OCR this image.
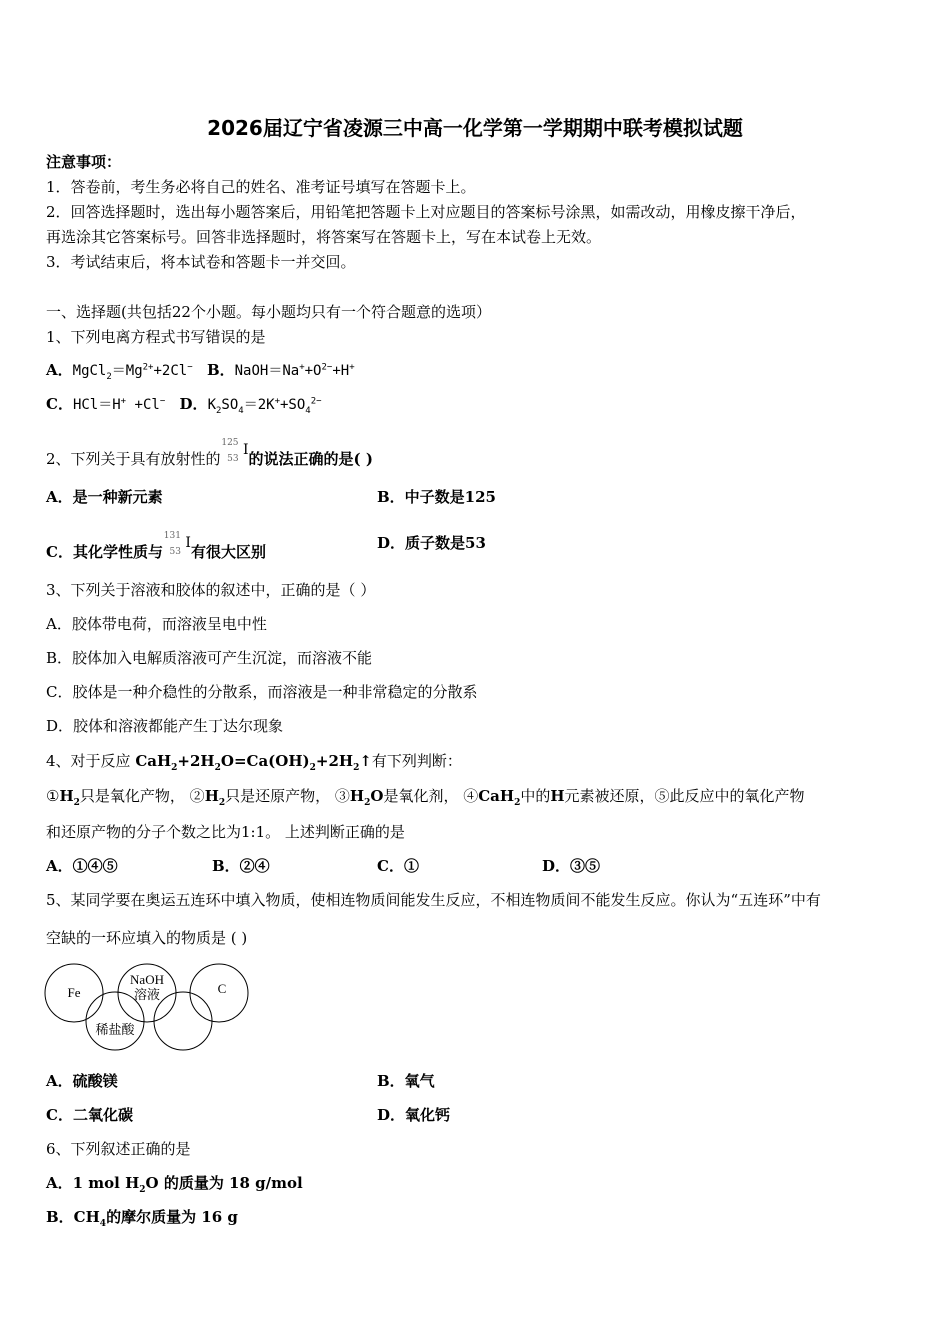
2026届辽宁省凌源三中高一化学第一学期期中联考模拟试题
注意事项：
1．答卷前，考生务必将自己的姓名、准考证号填写在答题卡上。
2．回答选择题时，选出每小题答案后，用铅笔把答题卡上对应题目的答案标号涂黑，如需改动，用橡皮擦干净后，
再选涂其它答案标号。回答非选择题时，将答案写在答题卡上，写在本试卷上无效。
3．考试结束后，将本试卷和答题卡一并交回。
一、选择题(共包括22个小题。每小题均只有一个符合题意的选项）
1、下列电离方程式书写错误的是
A．$MgCl_2=Mg^{2+}+2Cl^-$ B．$NaOH=Na^++O^{2-}+H^+$
C．HCl＝H+ +Cl− D．$K_2SO_4=2K^++SO_4^{2-}$
2、下列关于具有放射性的
125
53
I 的说法正确的是( )
A．是一种新元素	B．中子数是125
C．其化学性质与
131
53
I 有很大区别	D．质子数是53
3、下列关于溶液和胶体的叙述中，正确的是（ ）
A．胶体带电荷，而溶液呈电中性
B．胶体加入电解质溶液可产生沉淀，而溶液不能
C．胶体是一种介稳性的分散系，而溶液是一种非常稳定的分散系
D．胶体和溶液都能产生丁达尔现象
4、对于反应 $CaH_2+2H_2O=Ca(OH)_2+2H_2↑$有下列判断：
$①H_2$只是氧化产物， $②H_2$只是还原产物， $③H_2O$是氧化剂， ④CaH$_2$中的H元素被还原，⑤此反应中的氧化产物
和还原产物的分子个数之比为1:1。 上述判断正确的是
A．①④⑤	B．②④	C．①	D．③⑤
5、某同学要在奥运五连环中填入物质，使相连物质间能发生反应，不相连物质间不能发生反应。你认为“五连环”中有
空缺的一环应填入的物质是 ( )
Fe
NaOH
溶液	C
稀盐酸
A．硫酸镁	B．氧气
C．二氧化碳	D．氧化钙
6、下列叙述正确的是
A．1 mol $H_2O$ 的质量为 18 g/mol
B．$CH_4$的摩尔质量为 16 g
